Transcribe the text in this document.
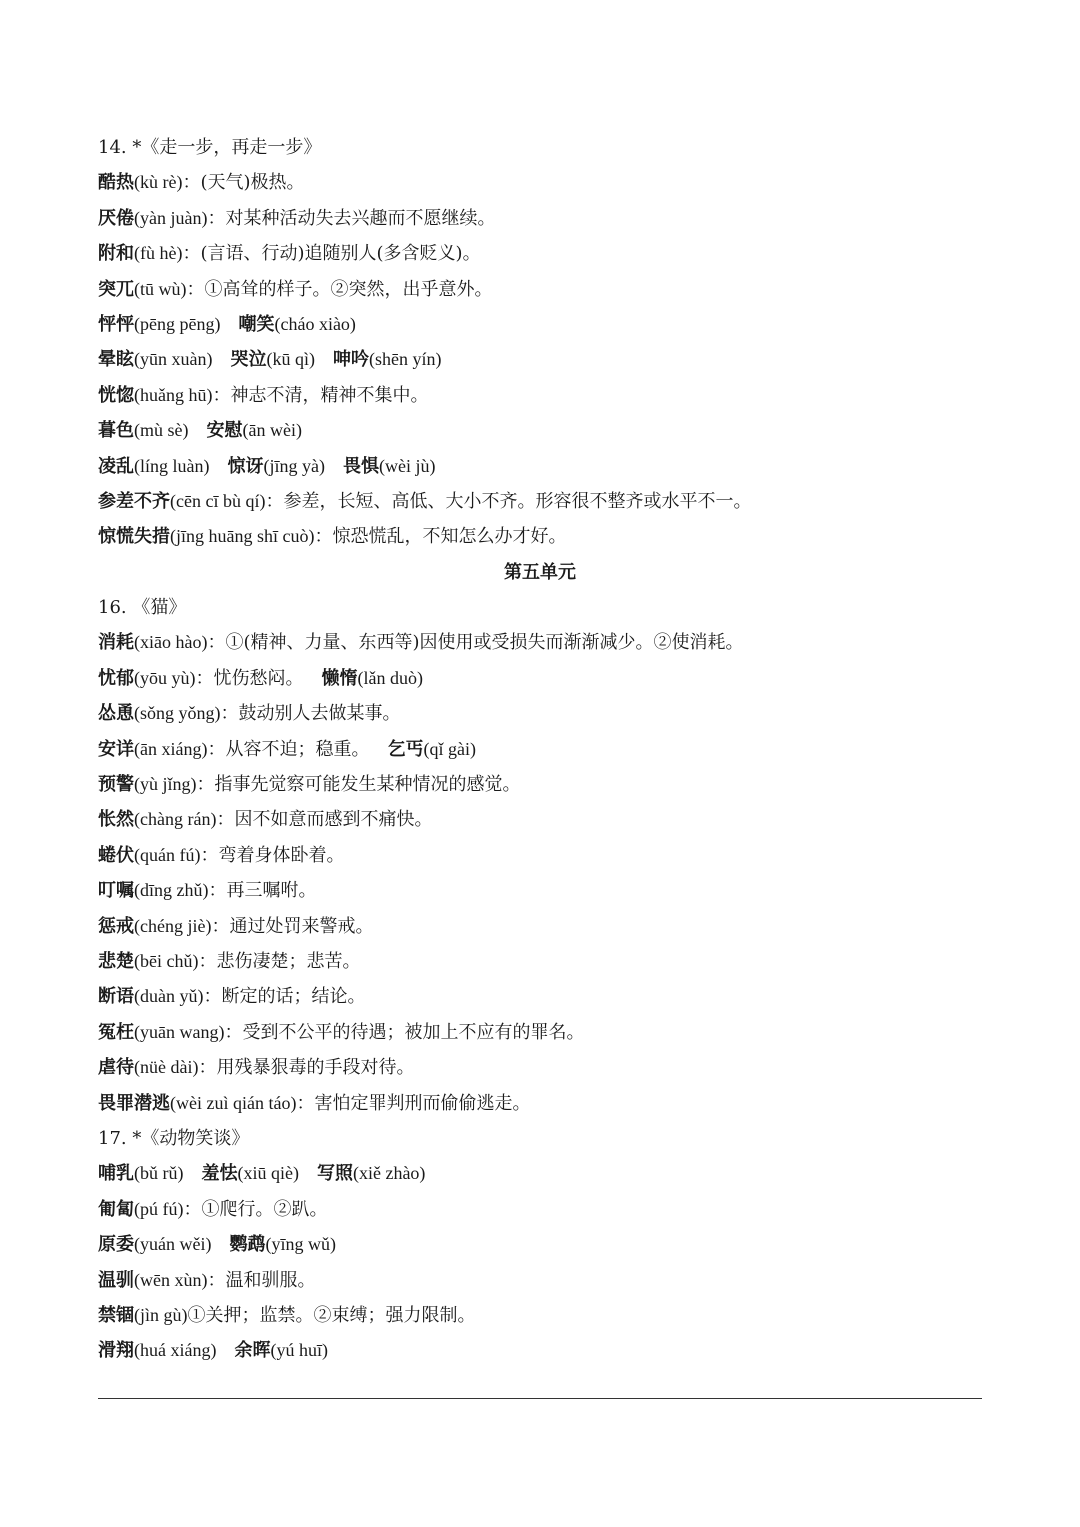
14. *《走一步，再走一步》
酷热(kù rè)：(天气)极热。
厌倦(yàn juàn)：对某种活动失去兴趣而不愿继续。
附和(fù hè)：(言语、行动)追随别人(多含贬义)。
突兀(tū wù)：①高耸的样子。②突然，出乎意外。
怦怦(pēng pēng) 嘲笑(cháo xiào)
晕眩(yūn xuàn) 哭泣(kū qì) 呻吟(shēn yín)
恍惚(huǎng hū)：神志不清，精神不集中。
暮色(mù sè) 安慰(ān wèi)
凌乱(líng luàn) 惊讶(jīng yà) 畏惧(wèi jù)
参差不齐(cēn cī bù qí)：参差，长短、高低、大小不齐。形容很不整齐或水平不一。
惊慌失措(jīng huāng shī cuò)：惊恐慌乱，不知怎么办才好。
第五单元
16. 《猫》
消耗(xiāo hào)：①(精神、力量、东西等)因使用或受损失而渐渐减少。②使消耗。
忧郁(yōu yù)：忧伤愁闷。 懒惰(lǎn duò)
怂恿(sǒng yǒng)：鼓动别人去做某事。
安详(ān xiáng)：从容不迫；稳重。 乞丐(qǐ gài)
预警(yù jǐng)：指事先觉察可能发生某种情况的感觉。
怅然(chàng rán)：因不如意而感到不痛快。
蜷伏(quán fú)：弯着身体卧着。
叮嘱(dīng zhǔ)：再三嘱咐。
惩戒(chéng jiè)：通过处罚来警戒。
悲楚(bēi chǔ)：悲伤凄楚；悲苦。
断语(duàn yǔ)：断定的话；结论。
冤枉(yuān wang)：受到不公平的待遇；被加上不应有的罪名。
虐待(nüè dài)：用残暴狠毒的手段对待。
畏罪潜逃(wèi zuì qián táo)：害怕定罪判刑而偷偷逃走。
17. *《动物笑谈》
哺乳(bǔ rǔ) 羞怯(xiū qiè) 写照(xiě zhào)
匍匐(pú fú)：①爬行。②趴。
原委(yuán wěi) 鹦鹉(yīng wǔ)
温驯(wēn xùn)：温和驯服。
禁锢(jìn gù)①关押；监禁。②束缚；强力限制。
滑翔(huá xiáng) 余晖(yú huī)
